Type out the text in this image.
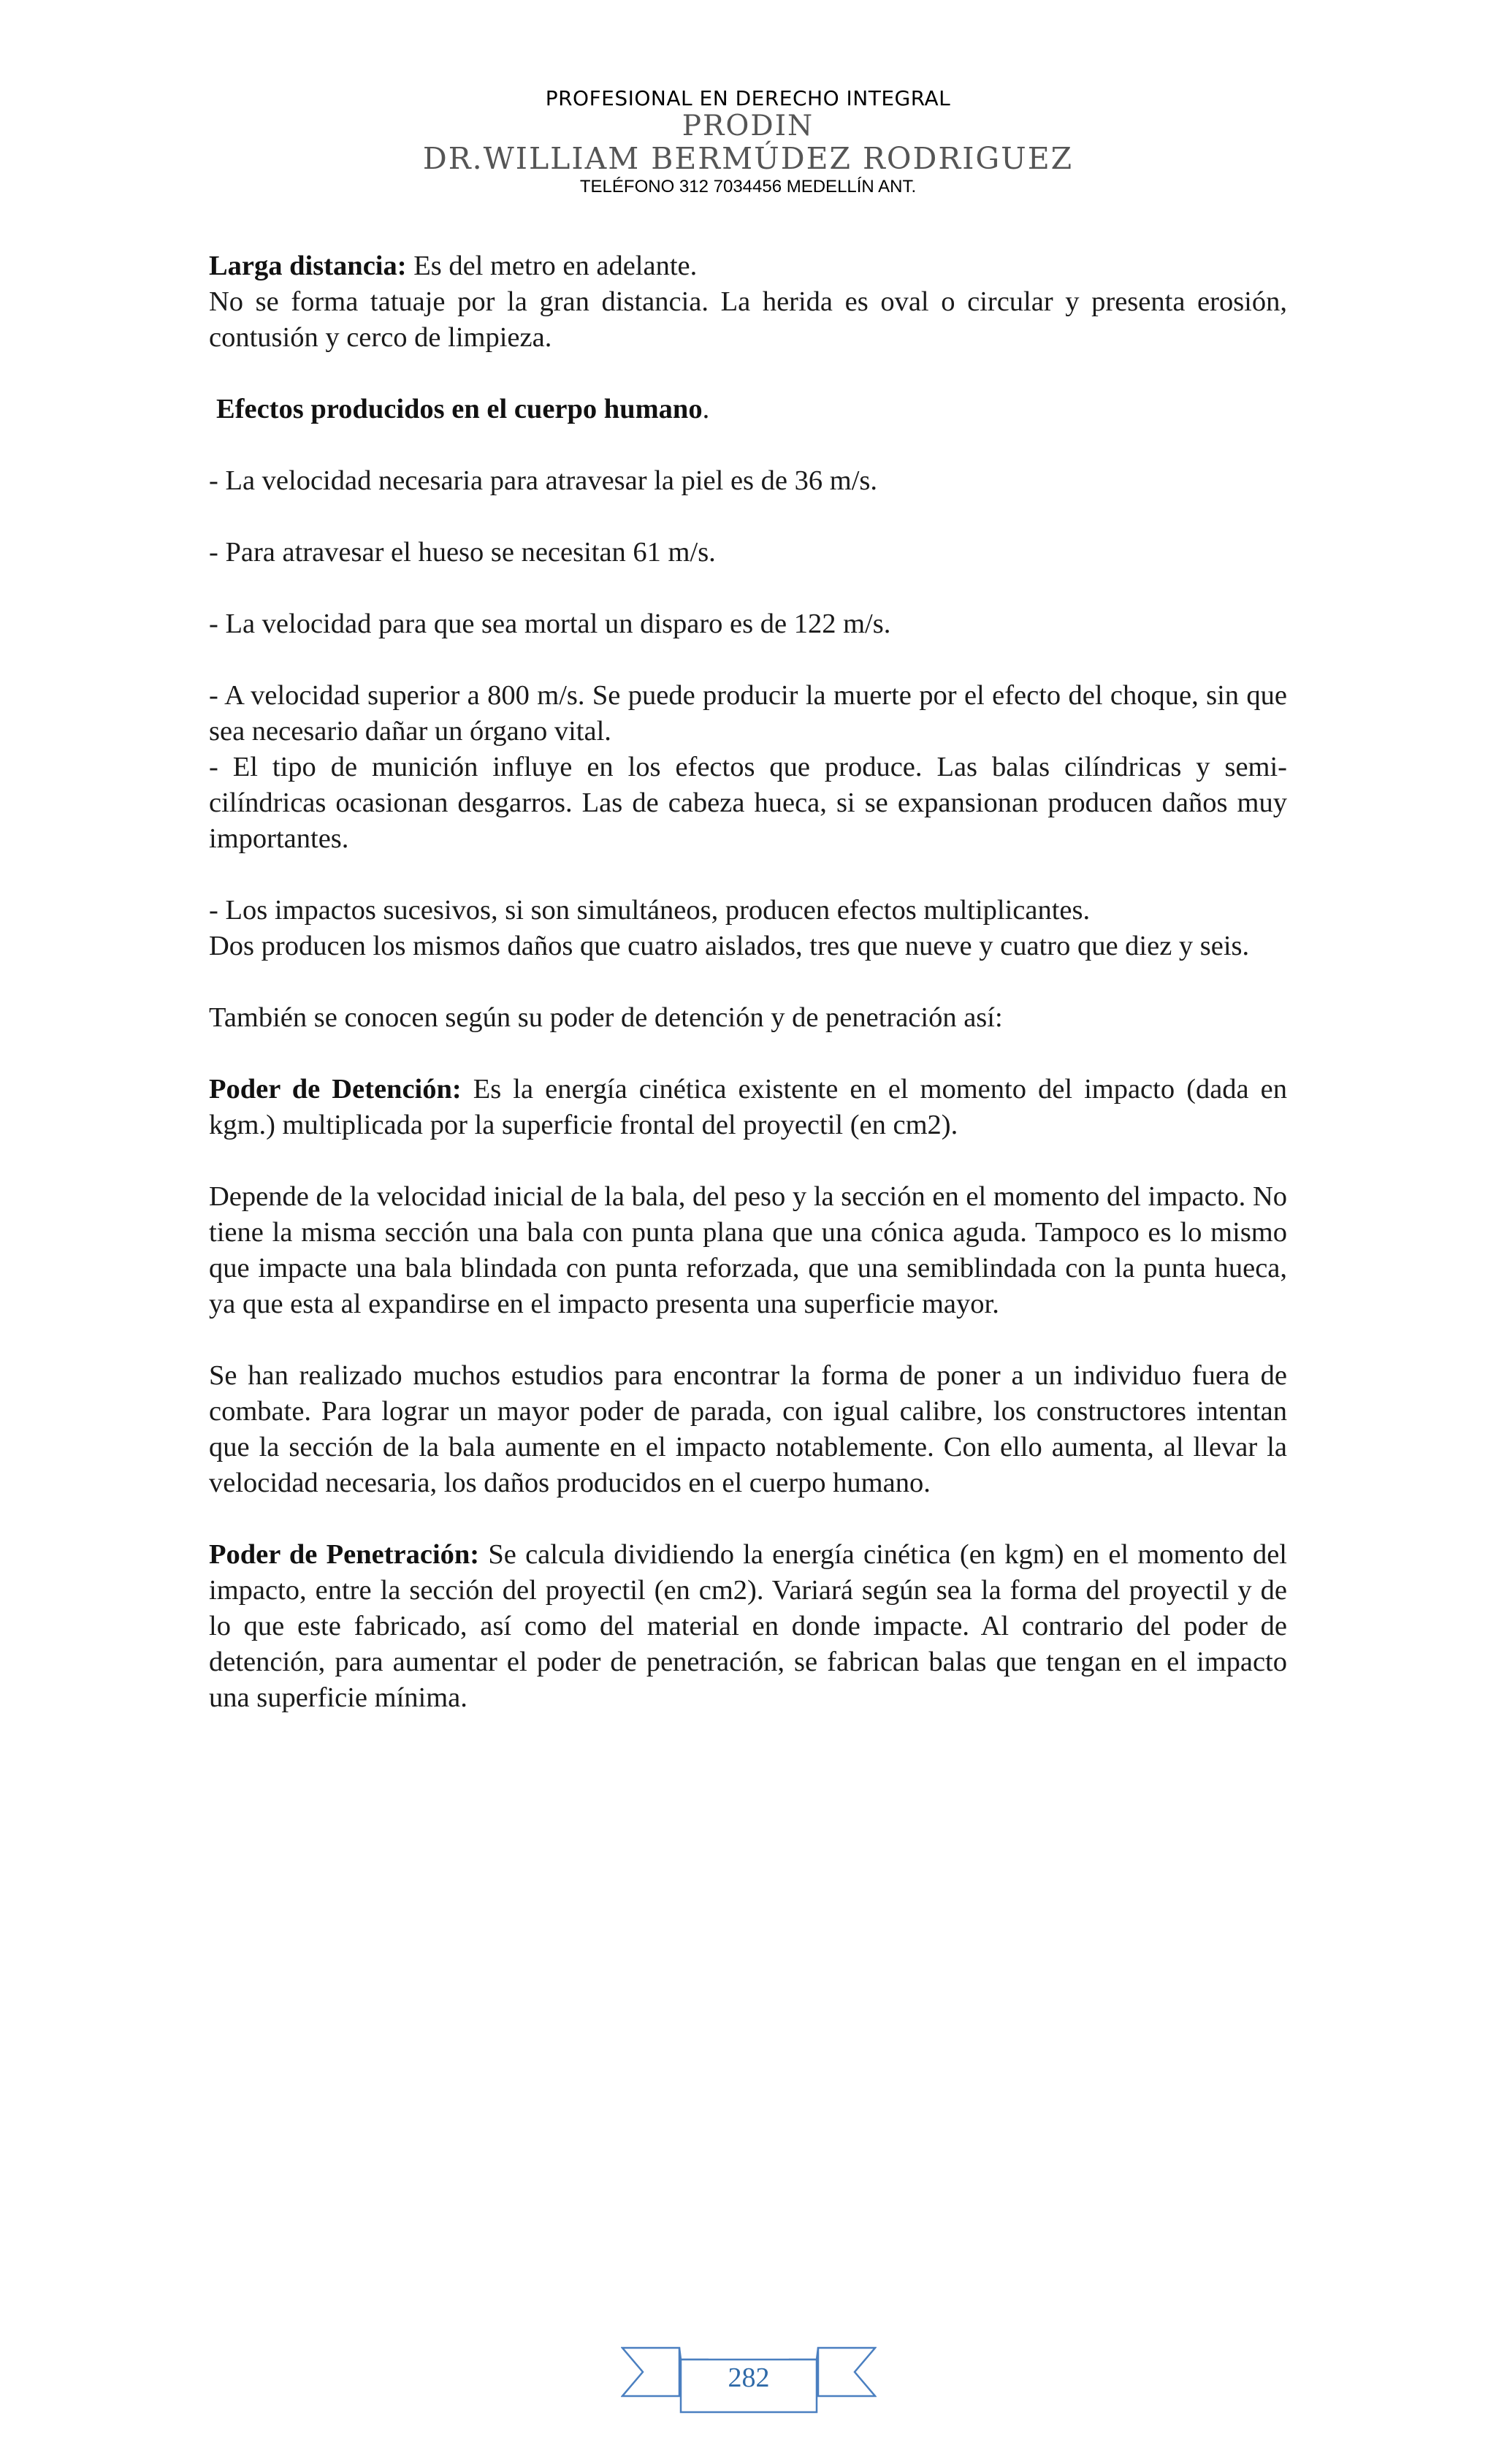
PROFESIONAL EN DERECHO INTEGRAL
PRODIN
DR.WILLIAM BERMÚDEZ RODRIGUEZ
TELÉFONO 312 7034456 MEDELLÍN ANT.

Larga distancia: Es del metro en adelante.

No se forma tatuaje por la gran distancia. La herida es oval o circular y presenta erosión, contusión y cerco de limpieza.

Efectos producidos en el cuerpo humano.

- La velocidad necesaria para atravesar la piel es de 36 m/s.

- Para atravesar el hueso se necesitan 61 m/s.

- La velocidad para que sea mortal un disparo es de 122 m/s.

- A velocidad superior a 800 m/s. Se puede producir la muerte por el efecto del choque, sin que sea necesario dañar un órgano vital.

- El tipo de munición influye en los efectos que produce. Las balas cilíndricas y semi-cilíndricas ocasionan desgarros. Las de cabeza hueca, si se expansionan producen daños muy importantes.

- Los impactos sucesivos, si son simultáneos, producen efectos multiplicantes.

Dos producen los mismos daños que cuatro aislados, tres que nueve y cuatro que diez y seis.

También se conocen según su poder de detención y de penetración así:

Poder de Detención: Es la energía cinética existente en el momento del impacto (dada en kgm.) multiplicada por la superficie frontal del proyectil (en cm2).

Depende de la velocidad inicial de la bala, del peso y la sección en el momento del impacto. No tiene la misma sección una bala con punta plana que una cónica aguda. Tampoco es lo mismo que impacte una bala blindada con punta reforzada, que una semiblindada con la punta hueca, ya que esta al expandirse en el impacto presenta una superficie mayor.

Se han realizado muchos estudios para encontrar la forma de poner a un individuo fuera de combate. Para lograr un mayor poder de parada, con igual calibre, los constructores intentan que la sección de la bala aumente en el impacto notablemente. Con ello aumenta, al llevar la velocidad necesaria, los daños producidos en el cuerpo humano.

Poder de Penetración: Se calcula dividiendo la energía cinética (en kgm) en el momento del impacto, entre la sección del proyectil (en cm2). Variará según sea la forma del proyectil y de lo que este fabricado, así como del material en donde impacte. Al contrario del poder de detención, para aumentar el poder de penetración, se fabrican balas que tengan en el impacto una superficie mínima.

282
